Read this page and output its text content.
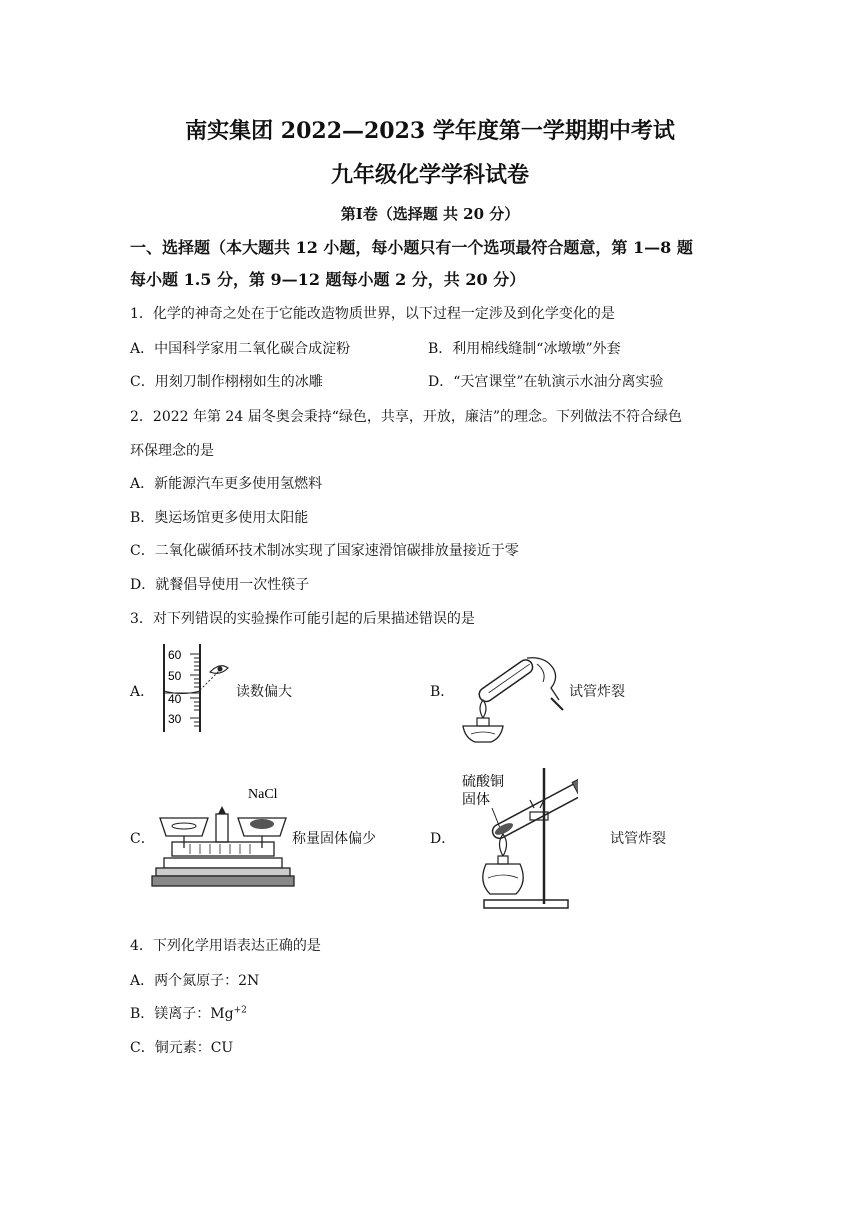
南实集团 2022—2023 学年度第一学期期中考试
九年级化学学科试卷
第Ⅰ卷（选择题 共 20 分）
一、选择题（本大题共 12 小题，每小题只有一个选项最符合题意，第 1—8 题
每小题 1.5 分，第 9—12 题每小题 2 分，共 20 分）
1．化学的神奇之处在于它能改造物质世界，以下过程一定涉及到化学变化的是
A．中国科学家用二氧化碳合成淀粉	B．利用棉线缝制“冰墩墩”外套
C．用刻刀制作栩栩如生的冰雕	D．“天宫课堂”在轨演示水油分离实验
2．2022 年第 24 届冬奥会秉持“绿色，共享，开放，廉洁”的理念。下列做法不符合绿色
环保理念的是
A．新能源汽车更多使用氢燃料
B．奥运场馆更多使用太阳能
C．二氧化碳循环技术制冰实现了国家速滑馆碳排放量接近于零
D．就餐倡导使用一次性筷子
3．对下列错误的实验操作可能引起的后果描述错误的是
A．
60
50
40
30
读数偏大	B．	试管炸裂
C．
NaCl
称量固体偏少	D．
硫酸铜
固体
试管炸裂
4．下列化学用语表达正确的是
A．两个氮原子：2N
B．镁离子：$Mg^{+2}$
C．铜元素：CU
